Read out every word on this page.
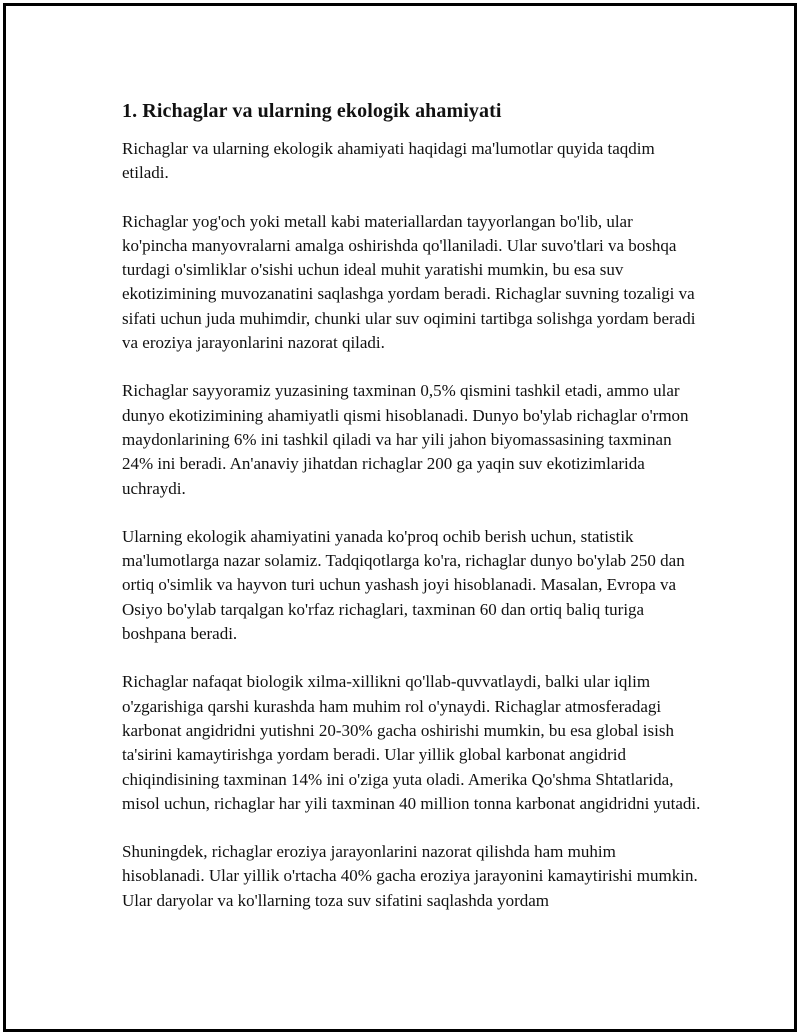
1. Richaglar va ularning ekologik ahamiyati

Richaglar va ularning ekologik ahamiyati haqidagi ma'lumotlar quyida taqdim etiladi.

Richaglar yog'och yoki metall kabi materiallardan tayyorlangan bo'lib, ular ko'pincha manyovralarni amalga oshirishda qo'llaniladi. Ular suvo'tlari va boshqa turdagi o'simliklar o'sishi uchun ideal muhit yaratishi mumkin, bu esa suv ekotizimining muvozanatini saqlashga yordam beradi. Richaglar suvning tozaligi va sifati uchun juda muhimdir, chunki ular suv oqimini tartibga solishga yordam beradi va eroziya jarayonlarini nazorat qiladi.

Richaglar sayyoramiz yuzasining taxminan 0,5% qismini tashkil etadi, ammo ular dunyo ekotizimining ahamiyatli qismi hisoblanadi. Dunyo bo'ylab richaglar o'rmon maydonlarining 6% ini tashkil qiladi va har yili jahon biyomassasining taxminan 24% ini beradi. An'anaviy jihatdan richaglar 200 ga yaqin suv ekotizimlarida uchraydi.

Ularning ekologik ahamiyatini yanada ko'proq ochib berish uchun, statistik ma'lumotlarga nazar solamiz. Tadqiqotlarga ko'ra, richaglar dunyo bo'ylab 250 dan ortiq o'simlik va hayvon turi uchun yashash joyi hisoblanadi. Masalan, Evropa va Osiyo bo'ylab tarqalgan ko'rfaz richaglari, taxminan 60 dan ortiq baliq turiga boshpana beradi.

Richaglar nafaqat biologik xilma-xillikni qo'llab-quvvatlaydi, balki ular iqlim o'zgarishiga qarshi kurashda ham muhim rol o'ynaydi. Richaglar atmosferadagi karbonat angidridni yutishni 20-30% gacha oshirishi mumkin, bu esa global isish ta'sirini kamaytirishga yordam beradi. Ular yillik global karbonat angidrid chiqindisining taxminan 14% ini o'ziga yuta oladi. Amerika Qo'shma Shtatlarida, misol uchun, richaglar har yili taxminan 40 million tonna karbonat angidridni yutadi.

Shuningdek, richaglar eroziya jarayonlarini nazorat qilishda ham muhim hisoblanadi. Ular yillik o'rtacha 40% gacha eroziya jarayonini kamaytirishi mumkin. Ular daryolar va ko'llarning toza suv sifatini saqlashda yordam
